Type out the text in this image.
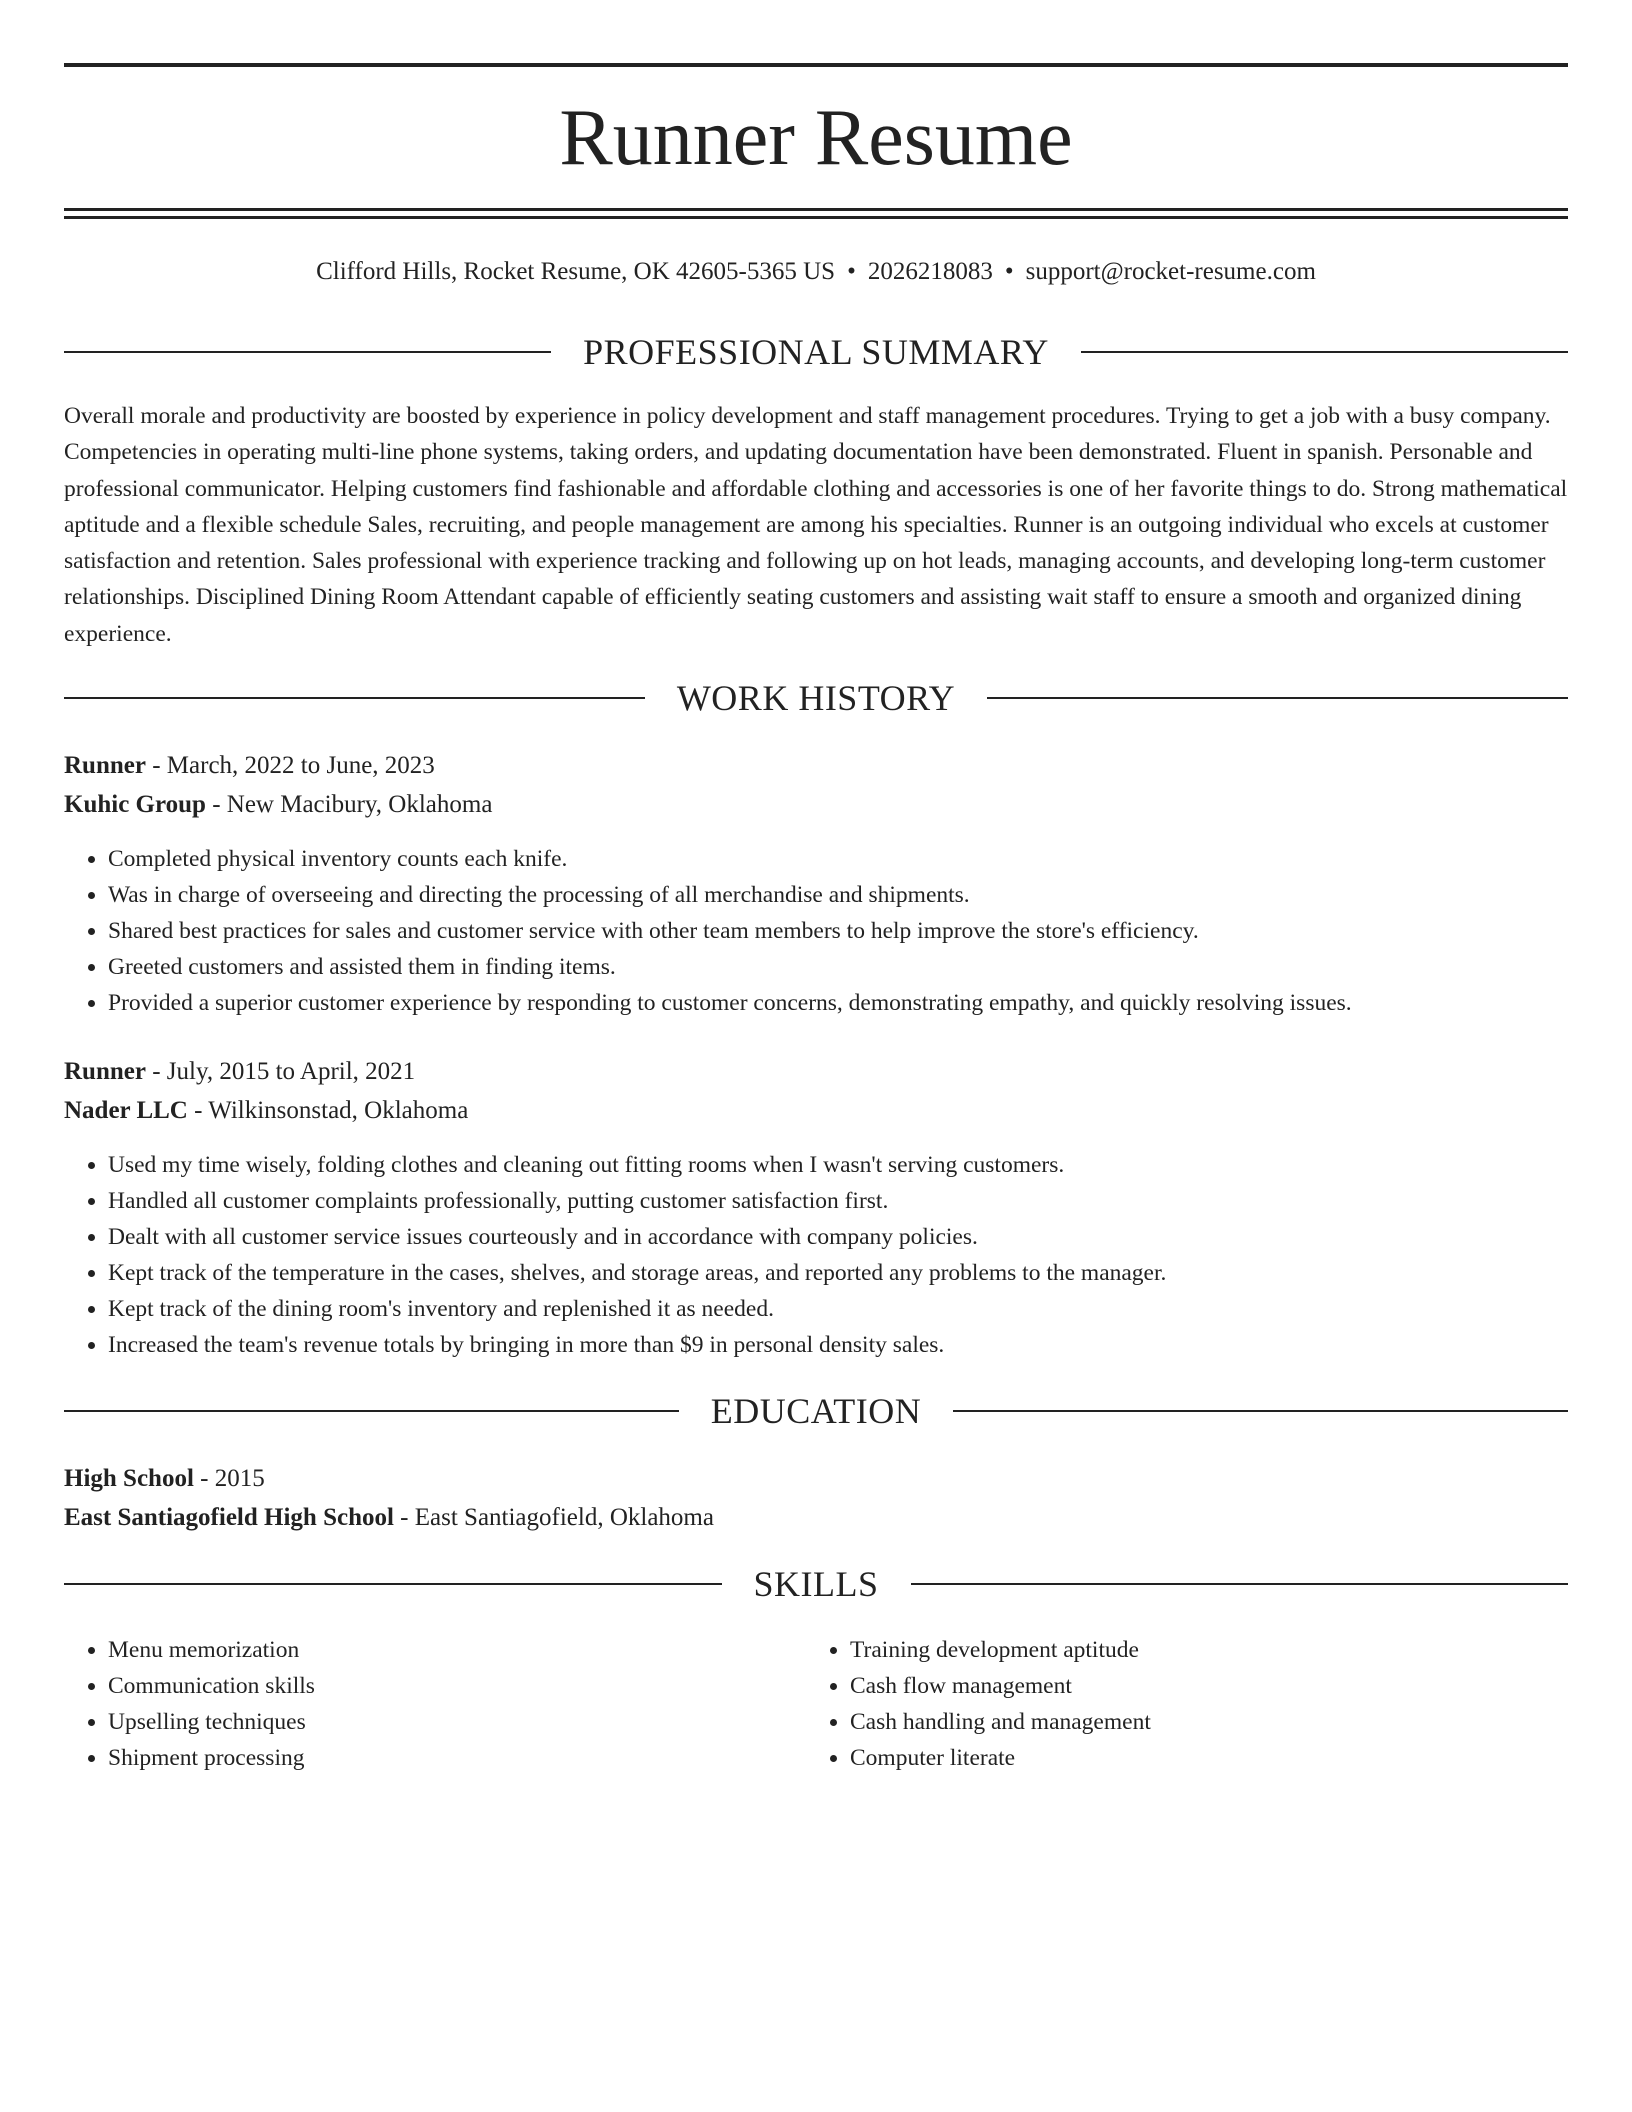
Runner Resume
Clifford Hills, Rocket Resume, OK 42605-5365 US • 2026218083 • support@rocket-resume.com
PROFESSIONAL SUMMARY

Overall morale and productivity are boosted by experience in policy development and staff management procedures. Trying to get a job with a busy company. Competencies in operating multi-line phone systems, taking orders, and updating documentation have been demonstrated. Fluent in spanish. Personable and professional communicator. Helping customers find fashionable and affordable clothing and accessories is one of her favorite things to do. Strong mathematical aptitude and a flexible schedule Sales, recruiting, and people management are among his specialties. Runner is an outgoing individual who excels at customer satisfaction and retention. Sales professional with experience tracking and following up on hot leads, managing accounts, and developing long-term customer relationships. Disciplined Dining Room Attendant capable of efficiently seating customers and assisting wait staff to ensure a smooth and organized dining experience.

WORK HISTORY
Runner - March, 2022 to June, 2023
Kuhic Group - New Macibury, Oklahoma
• Completed physical inventory counts each knife.
• Was in charge of overseeing and directing the processing of all merchandise and shipments.
• Shared best practices for sales and customer service with other team members to help improve the store's efficiency.
• Greeted customers and assisted them in finding items.
• Provided a superior customer experience by responding to customer concerns, demonstrating empathy, and quickly resolving issues.
Runner - July, 2015 to April, 2021
Nader LLC - Wilkinsonstad, Oklahoma
• Used my time wisely, folding clothes and cleaning out fitting rooms when I wasn't serving customers.
• Handled all customer complaints professionally, putting customer satisfaction first.
• Dealt with all customer service issues courteously and in accordance with company policies.
• Kept track of the temperature in the cases, shelves, and storage areas, and reported any problems to the manager.
• Kept track of the dining room's inventory and replenished it as needed.
• Increased the team's revenue totals by bringing in more than $9 in personal density sales.
EDUCATION
High School - 2015
East Santiagofield High School - East Santiagofield, Oklahoma
SKILLS
• Menu memorization
• Communication skills
• Upselling techniques
• Shipment processing
• Training development aptitude
• Cash flow management
• Cash handling and management
• Computer literate
